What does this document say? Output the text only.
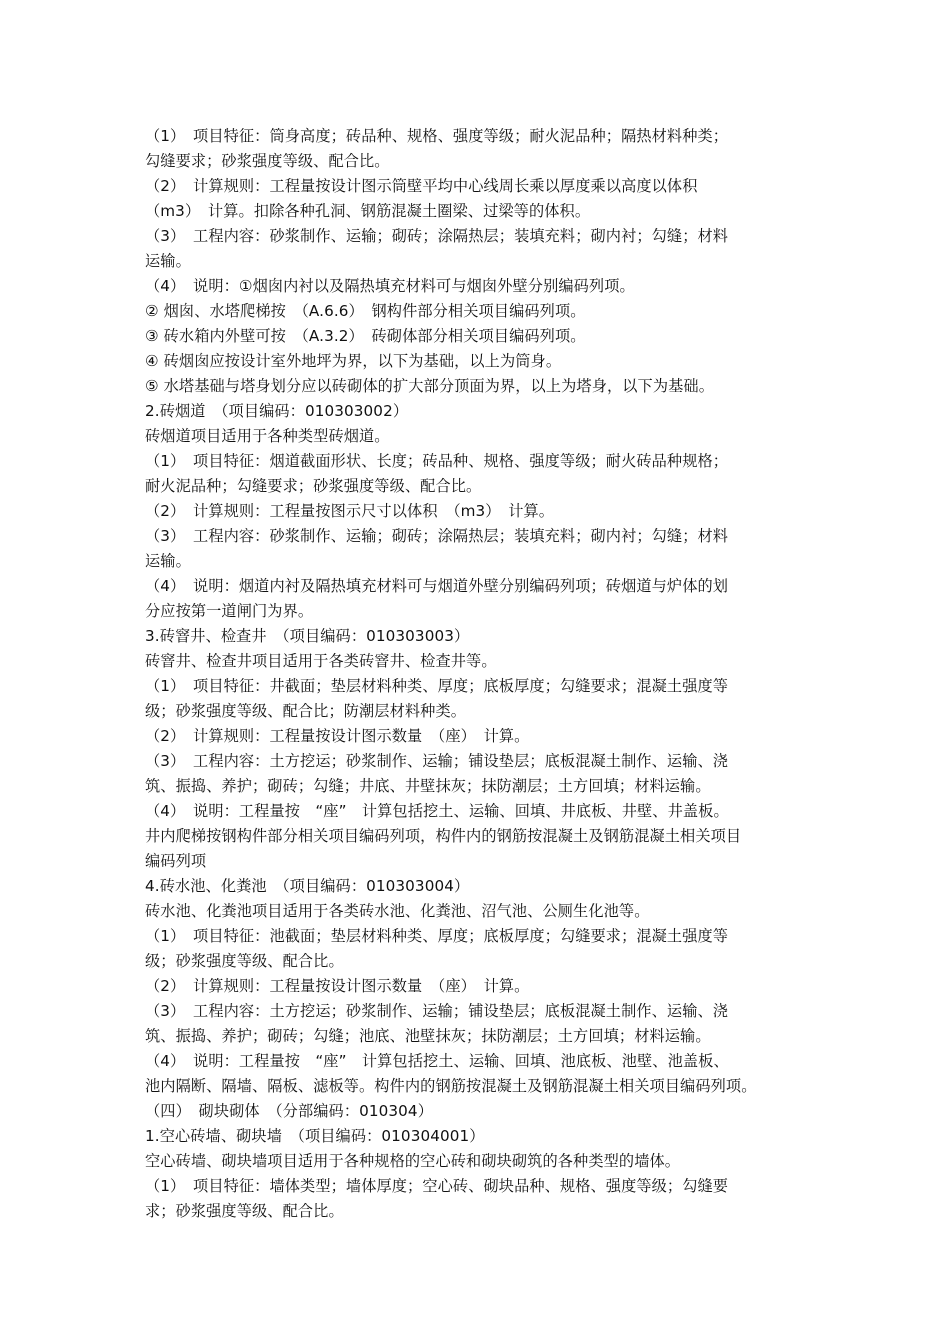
（1）　项目特征：筒身高度；砖品种、规格、强度等级；耐火泥品种；隔热材料种类；

勾缝要求；砂浆强度等级、配合比。

（2）　计算规则：工程量按设计图示筒壁平均中心线周长乘以厚度乘以高度以体积

（m3）　计算。扣除各种孔洞、钢筋混凝土圈梁、过梁等的体积。

（3）　工程内容：砂浆制作、运输；砌砖；涂隔热层；装填充料；砌内衬；勾缝；材料

运输。

（4）　说明：①烟囱内衬以及隔热填充材料可与烟囱外壁分别编码列项。

② 烟囱、水塔爬梯按　（A.6.6）　钢构件部分相关项目编码列项。

③ 砖水箱内外壁可按　（A.3.2）　砖砌体部分相关项目编码列项。

④ 砖烟囱应按设计室外地坪为界，以下为基础，以上为筒身。

⑤ 水塔基础与塔身划分应以砖砌体的扩大部分顶面为界，以上为塔身，以下为基础。

2.砖烟道　（项目编码：010303002）

砖烟道项目适用于各种类型砖烟道。

（1）　项目特征：烟道截面形状、长度；砖品种、规格、强度等级；耐火砖品种规格；

耐火泥品种；勾缝要求；砂浆强度等级、配合比。

（2）　计算规则：工程量按图示尺寸以体积　（m3）　计算。

（3）　工程内容：砂浆制作、运输；砌砖；涂隔热层；装填充料；砌内衬；勾缝；材料

运输。

（4）　说明：烟道内衬及隔热填充材料可与烟道外壁分别编码列项；砖烟道与炉体的划

分应按第一道闸门为界。

3.砖窨井、检查井　（项目编码：010303003）

砖窨井、检查井项目适用于各类砖窨井、检查井等。

（1）　项目特征：井截面；垫层材料种类、厚度；底板厚度；勾缝要求；混凝土强度等

级；砂浆强度等级、配合比；防潮层材料种类。

（2）　计算规则：工程量按设计图示数量　（座）　计算。

（3）　工程内容：土方挖运；砂浆制作、运输；铺设垫层；底板混凝土制作、运输、浇

筑、振捣、养护；砌砖；勾缝；井底、井壁抹灰；抹防潮层；土方回填；材料运输。

（4）　说明：工程量按　“座”　计算包括挖土、运输、回填、井底板、井壁、井盖板。

井内爬梯按钢构件部分相关项目编码列项，构件内的钢筋按混凝土及钢筋混凝土相关项目

编码列项

4.砖水池、化粪池　（项目编码：010303004）

砖水池、化粪池项目适用于各类砖水池、化粪池、沼气池、公厕生化池等。

（1）　项目特征：池截面；垫层材料种类、厚度；底板厚度；勾缝要求；混凝土强度等

级；砂浆强度等级、配合比。

（2）　计算规则：工程量按设计图示数量　（座）　计算。

（3）　工程内容：土方挖运；砂浆制作、运输；铺设垫层；底板混凝土制作、运输、浇

筑、振捣、养护；砌砖；勾缝；池底、池壁抹灰；抹防潮层；土方回填；材料运输。

（4）　说明：工程量按　“座”　计算包括挖土、运输、回填、池底板、池壁、池盖板、

池内隔断、隔墙、隔板、滤板等。构件内的钢筋按混凝土及钢筋混凝土相关项目编码列项。

（四）　砌块砌体　（分部编码：010304）

1.空心砖墙、砌块墙　（项目编码：010304001）

空心砖墙、砌块墙项目适用于各种规格的空心砖和砌块砌筑的各种类型的墙体。

（1）　项目特征：墙体类型；墙体厚度；空心砖、砌块品种、规格、强度等级；勾缝要

求；砂浆强度等级、配合比。
